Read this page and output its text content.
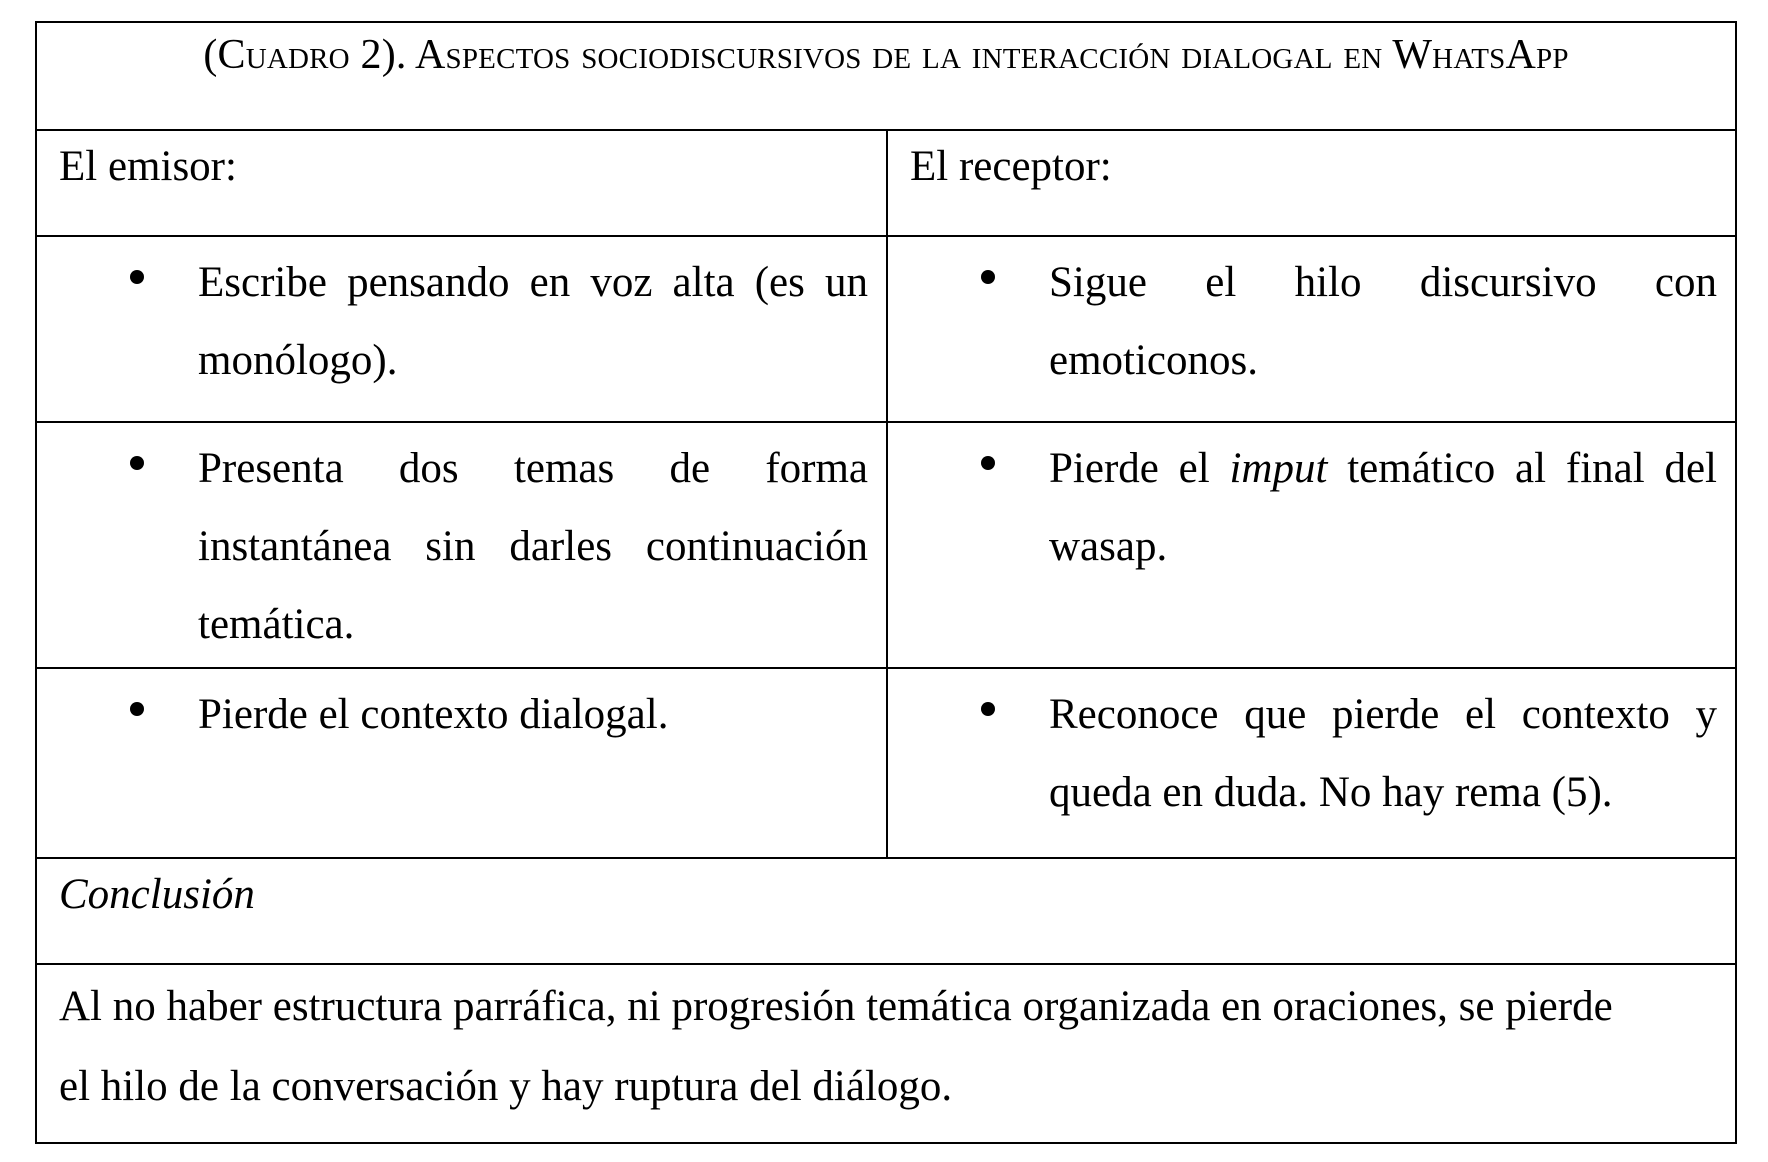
(Cuadro 2). Aspectos sociodiscursivos de la interacción dialogal en WhatsApp
El emisor:	El receptor:
Escribe pensando en voz alta (es un monólogo).
Sigue el hilo discursivo con emoticonos.
Presenta dos temas de forma instantánea sin darles continuación temática.
Pierde el imput temático al final del wasap.
Pierde el contexto dialogal.	Reconoce que pierde el contexto y queda en duda. No hay rema (5).
Conclusión
Al no haber estructura parráfica, ni progresión temática organizada en oraciones, se pierde
el hilo de la conversación y hay ruptura del diálogo.
